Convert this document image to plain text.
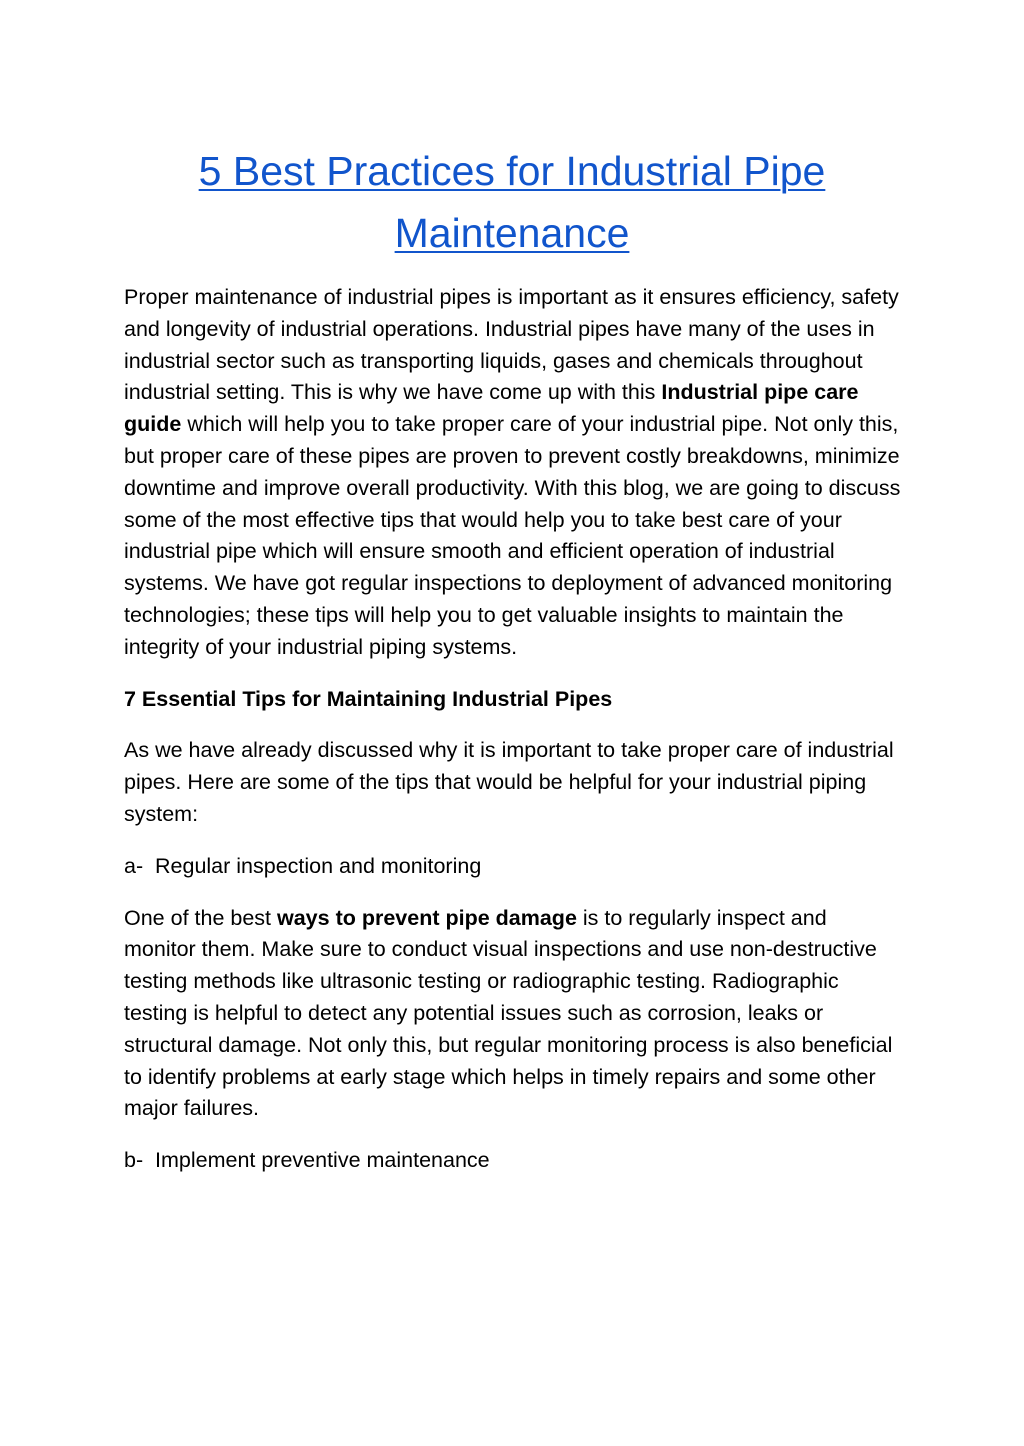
5 Best Practices for Industrial Pipe Maintenance

Proper maintenance of industrial pipes is important as it ensures efficiency, safety and longevity of industrial operations. Industrial pipes have many of the uses in industrial sector such as transporting liquids, gases and chemicals throughout industrial setting. This is why we have come up with this Industrial pipe care guide which will help you to take proper care of your industrial pipe. Not only this, but proper care of these pipes are proven to prevent costly breakdowns, minimize downtime and improve overall productivity. With this blog, we are going to discuss some of the most effective tips that would help you to take best care of your industrial pipe which will ensure smooth and efficient operation of industrial systems. We have got regular inspections to deployment of advanced monitoring technologies; these tips will help you to get valuable insights to maintain the integrity of your industrial piping systems.

7 Essential Tips for Maintaining Industrial Pipes

As we have already discussed why it is important to take proper care of industrial pipes. Here are some of the tips that would be helpful for your industrial piping system:

a- Regular inspection and monitoring

One of the best ways to prevent pipe damage is to regularly inspect and monitor them. Make sure to conduct visual inspections and use non-destructive testing methods like ultrasonic testing or radiographic testing. Radiographic testing is helpful to detect any potential issues such as corrosion, leaks or structural damage. Not only this, but regular monitoring process is also beneficial to identify problems at early stage which helps in timely repairs and some other major failures.

b- Implement preventive maintenance
